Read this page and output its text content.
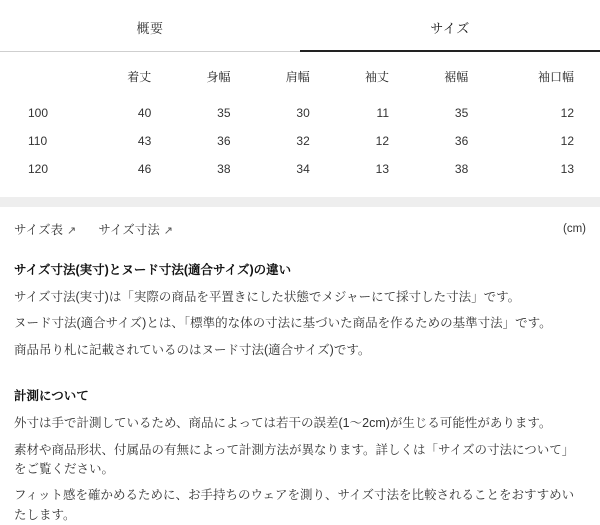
概要	サイズ
	着丈	身幅	肩幅	袖丈	裾幅	袖口幅
100	40	35	30	11	35	12
110	43	36	32	12	36	12
120	46	38	34	13	38	13
サイズ表 ↗ サイズ寸法 ↗	(cm)
サイズ寸法(実寸)とヌード寸法(適合サイズ)の違い

サイズ寸法(実寸)は「実際の商品を平置きにした状態でメジャーにて採寸した寸法」です。

ヌード寸法(適合サイズ)とは、「標準的な体の寸法に基づいた商品を作るための基準寸法」です。

商品吊り札に記載されているのはヌード寸法(適合サイズ)です。

計測について

外寸は手で計測しているため、商品によっては若干の誤差(1〜2cm)が生じる可能性があります。

素材や商品形状、付属品の有無によって計測方法が異なります。詳しくは「サイズの寸法について」をご覧ください。

フィット感を確かめるために、お手持ちのウェアを測り、サイズ寸法を比較されることをおすすめいたします。
